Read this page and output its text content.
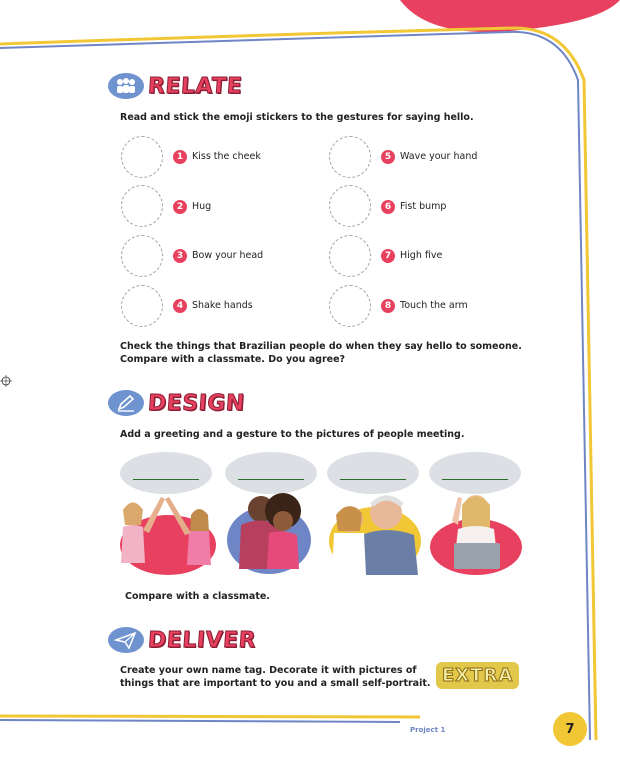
RELATE
Read and stick the emoji stickers to the gestures for saying hello.
1 Kiss the cheek
2 Hug
3 Bow your head
4 Shake hands
5 Wave your hand
6 Fist bump
7 High five
8 Touch the arm
Check the things that Brazilian people do when they say hello to someone.
Compare with a classmate. Do you agree?
DESIGN
Add a greeting and a gesture to the pictures of people meeting.
Compare with a classmate.
DELIVER
Create your own name tag. Decorate it with pictures of
things that are important to you and a small self-portrait. EXTRA
Project 1	7
